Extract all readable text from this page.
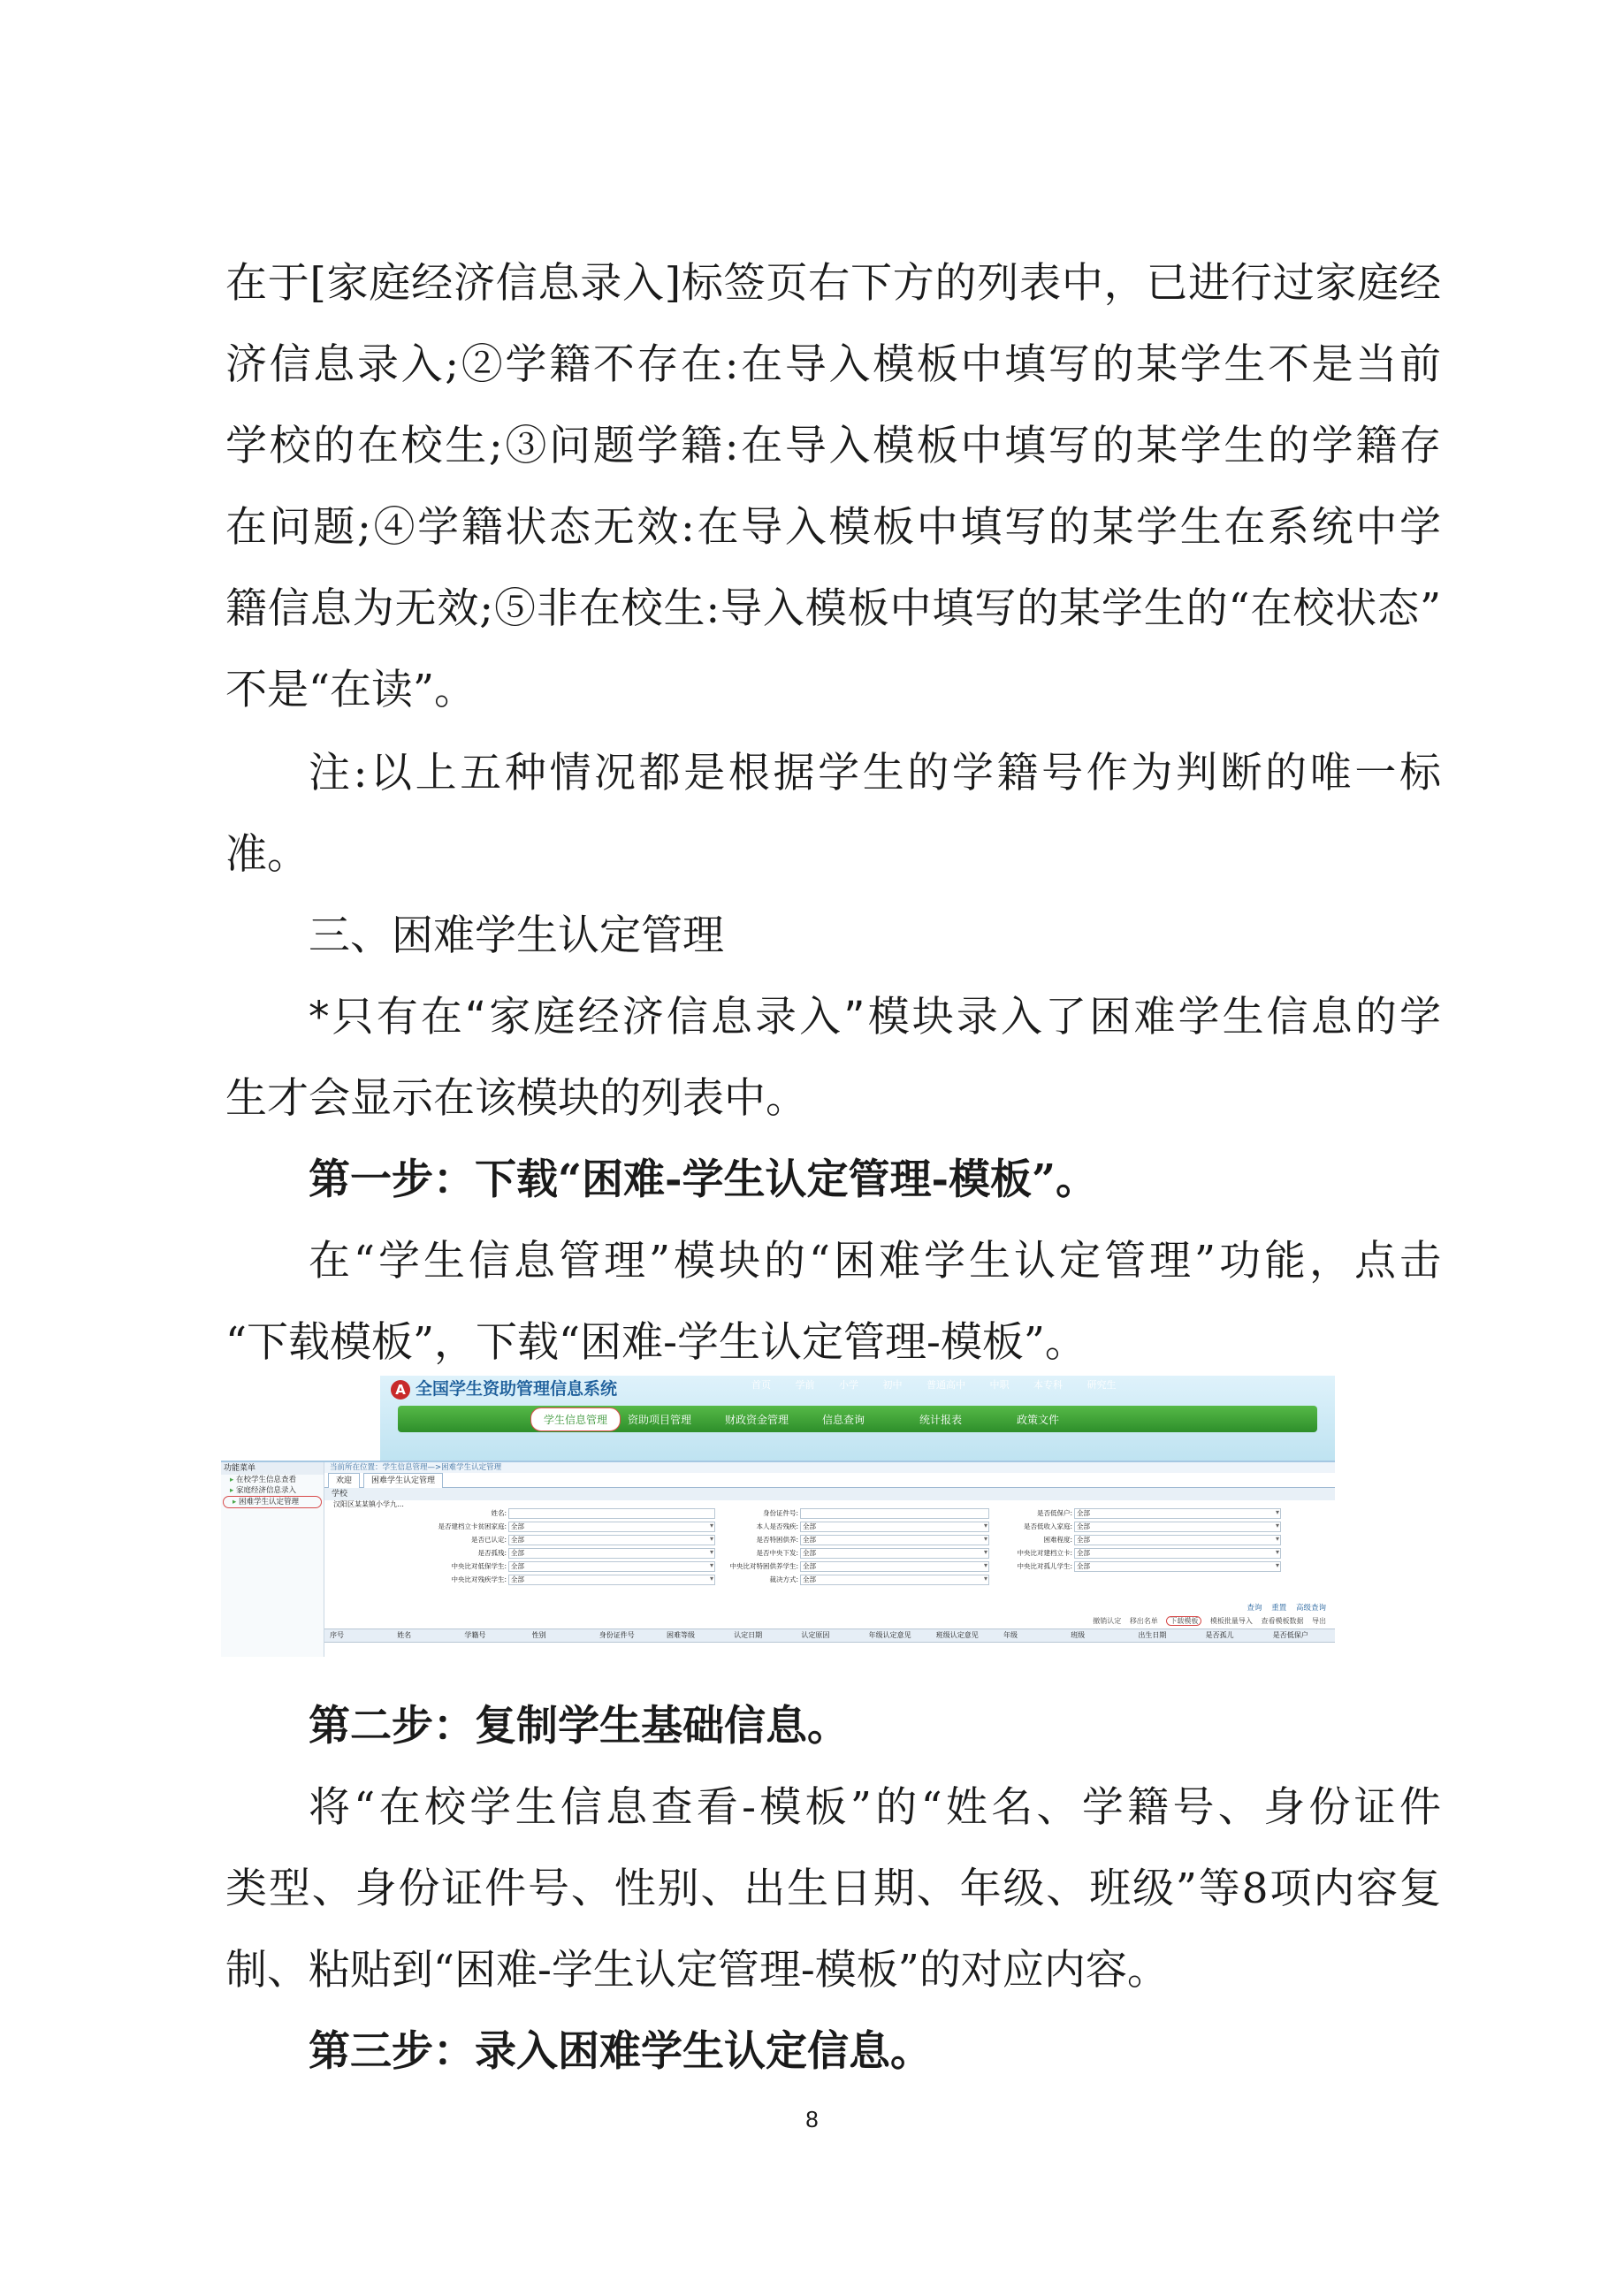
在于[家庭经济信息录入]标签页右下方的列表中，已进行过家庭经
济信息录入;②学籍不存在:在导入模板中填写的某学生不是当前
学校的在校生;③问题学籍:在导入模板中填写的某学生的学籍存
在问题;④学籍状态无效:在导入模板中填写的某学生在系统中学
籍信息为无效;⑤非在校生:导入模板中填写的某学生的“在校状态”
不是“在读”。
注:以上五种情况都是根据学生的学籍号作为判断的唯一标
准。
三、困难学生认定管理
*只有在“家庭经济信息录入”模块录入了困难学生信息的学
生才会显示在该模块的列表中。
第一步：下载“困难-学生认定管理-模板”。
在“学生信息管理”模块的“困难学生认定管理”功能，点击
“下载模板”，下载“困难-学生认定管理-模板”。
A 全国学生资助管理信息系统	首页	学前	小学	初中	普通高中	中职	本专科	研究生
学生信息管理	资助项目管理	财政资金管理	信息查询	统计报表	政策文件
功能菜单
▸ 在校学生信息查看
▸ 家庭经济信息录入
▸ 困难学生认定管理
当前所在位置：学生信息管理—>困难学生认定管理
欢迎 困难学生认定管理
学校
汉阳区某某镇小学九…
姓名:	身份证件号:	是否低保户: 全部 ▾
是否建档立卡贫困家庭: 全部 ▾	本人是否残疾: 全部 ▾	是否低收入家庭: 全部 ▾
是否已认定: 全部 ▾	是否特困供养: 全部 ▾	困难程度: 全部 ▾
是否孤残: 全部 ▾	是否中央下发: 全部 ▾	中央比对建档立卡: 全部 ▾
中央比对低保学生: 全部 ▾	中央比对特困供养学生: 全部 ▾	中央比对孤儿学生: 全部 ▾
中央比对残疾学生: 全部 ▾	裁决方式: 全部 ▾
查询 重置 高级查询
撤销认定 移出名单 下载模板 模板批量导入 查看模板数据 导出
序号	姓名	学籍号	性别	身份证件号	困难等级	认定日期	认定原因	年级认定意见	班级认定意见	年级	班级	出生日期	是否孤儿	是否低保户
第二步：复制学生基础信息。
将“在校学生信息查看-模板”的“姓名、学籍号、身份证件
类型、身份证件号、性别、出生日期、年级、班级”等8项内容复
制、粘贴到“困难-学生认定管理-模板”的对应内容。
第三步：录入困难学生认定信息。
8
